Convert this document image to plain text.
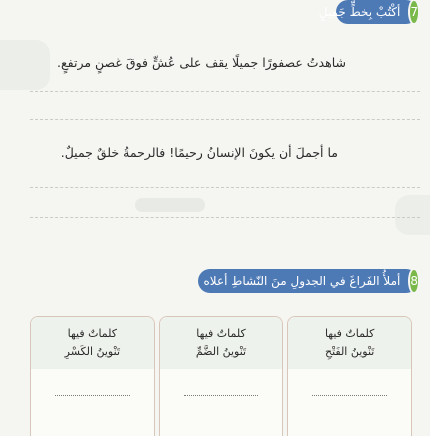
7
أكْتُبْ بِخطٍّ جَميلٍ
شاهدتُ عصفورًا جميلًا يقف على عُشٍّ فوقَ غصنٍ مرتفعٍ.
ما أجملَ أن يكونَ الإنسانُ رحيمًا! فالرحمةُ خلقٌ جميلٌ.
8
أملأُ الفَراغَ في الجدولِ منَ النّشاطِ أعلاه
كلماتٌ فيها
تَنْوينُ الفَتْحِ
كلماتٌ فيها
تَنْوينُ الضَّمِّ
كلماتٌ فيها
تَنْوينُ الكَسْرِ
